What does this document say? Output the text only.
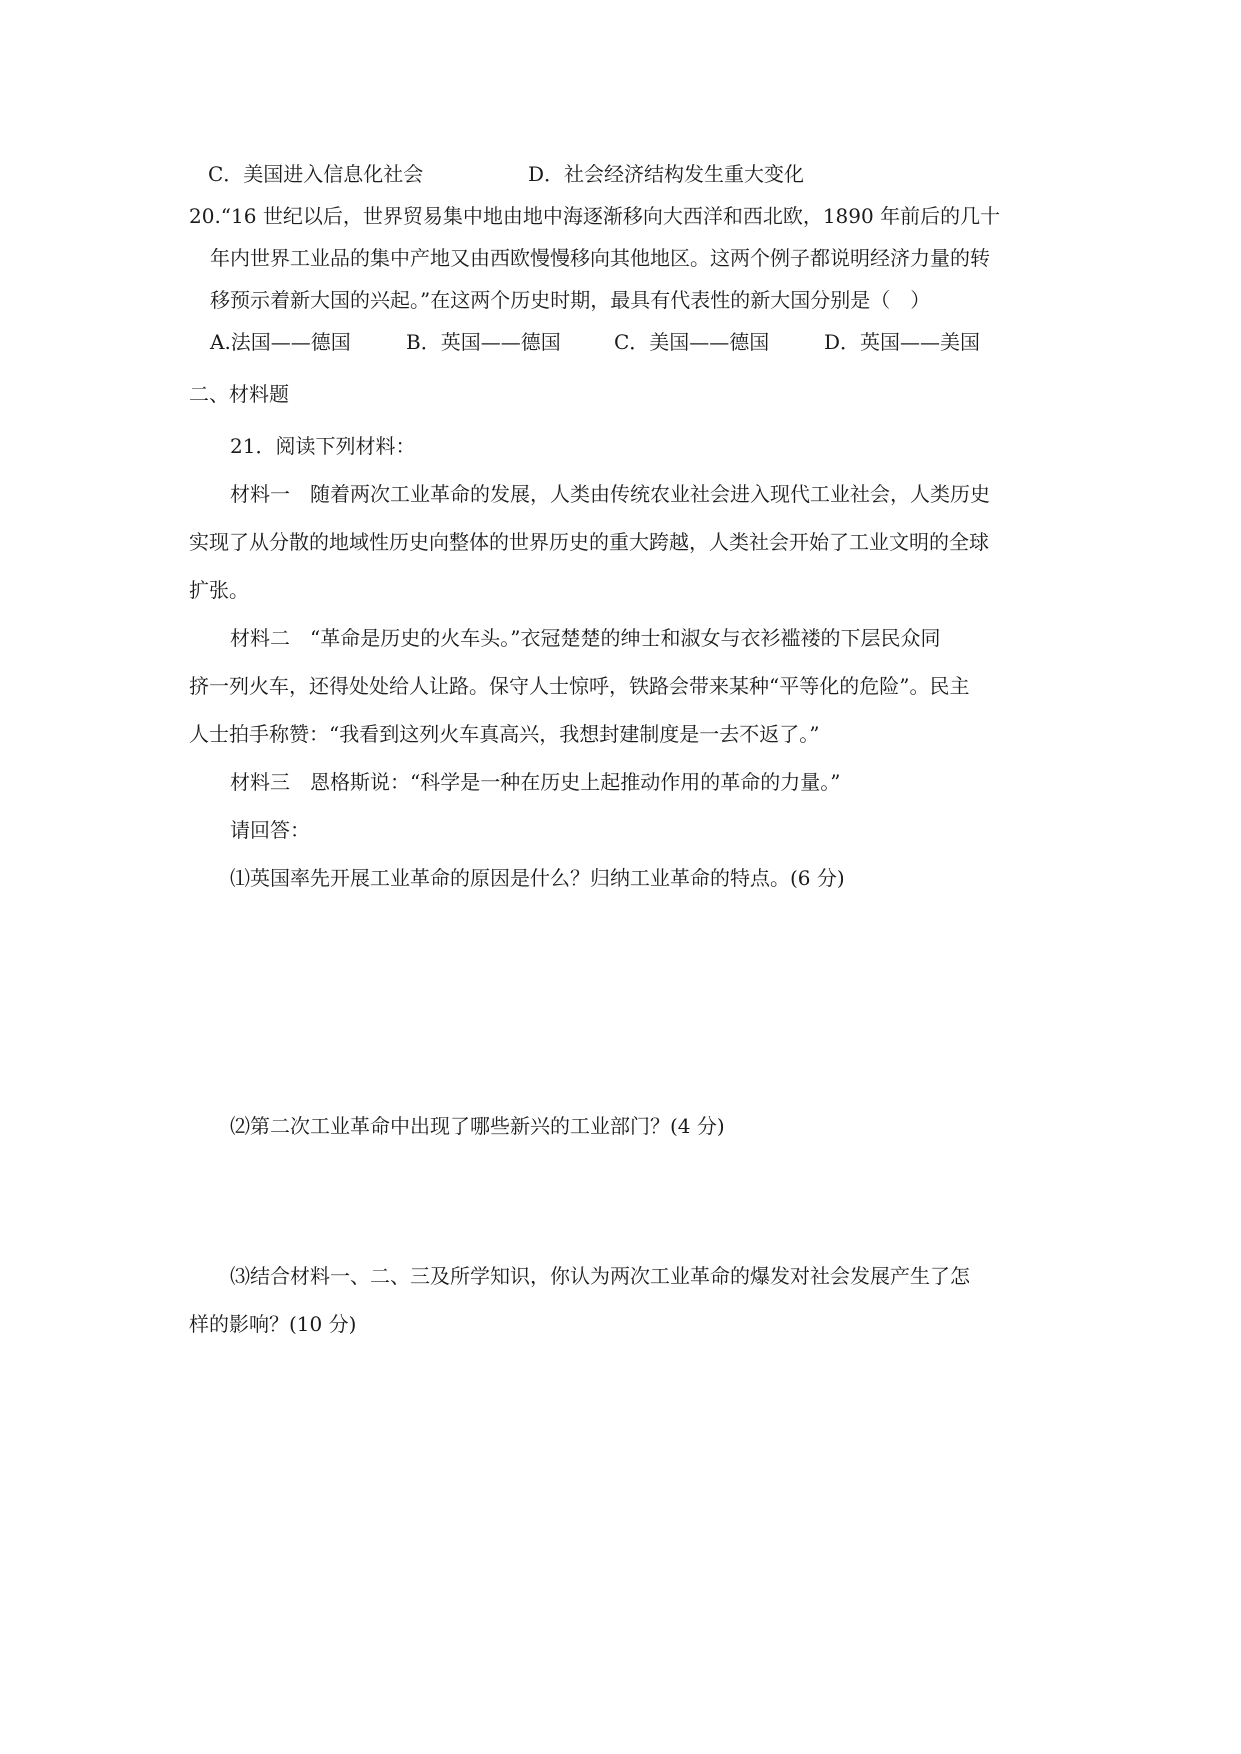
C．美国进入信息化社会	D．社会经济结构发生重大变化
20.“16 世纪以后，世界贸易集中地由地中海逐渐移向大西洋和西北欧，1890 年前后的几十
年内世界工业品的集中产地又由西欧慢慢移向其他地区。这两个例子都说明经济力量的转
移预示着新大国的兴起。”在这两个历史时期，最具有代表性的新大国分别是（　）
A.法国——德国	B．英国——德国	C．美国——德国	D．英国——美国
二、材料题
21．阅读下列材料：
材料一　随着两次工业革命的发展，人类由传统农业社会进入现代工业社会，人类历史
实现了从分散的地域性历史向整体的世界历史的重大跨越，人类社会开始了工业文明的全球
扩张。
材料二　“革命是历史的火车头。”衣冠楚楚的绅士和淑女与衣衫褴褛的下层民众同
挤一列火车，还得处处给人让路。保守人士惊呼，铁路会带来某种“平等化的危险”。民主
人士拍手称赞：“我看到这列火车真高兴，我想封建制度是一去不返了。”
材料三　恩格斯说：“科学是一种在历史上起推动作用的革命的力量。”
请回答：
⑴英国率先开展工业革命的原因是什么？归纳工业革命的特点。(6 分)
⑵第二次工业革命中出现了哪些新兴的工业部门？(4 分)
⑶结合材料一、二、三及所学知识，你认为两次工业革命的爆发对社会发展产生了怎
样的影响？(10 分)
